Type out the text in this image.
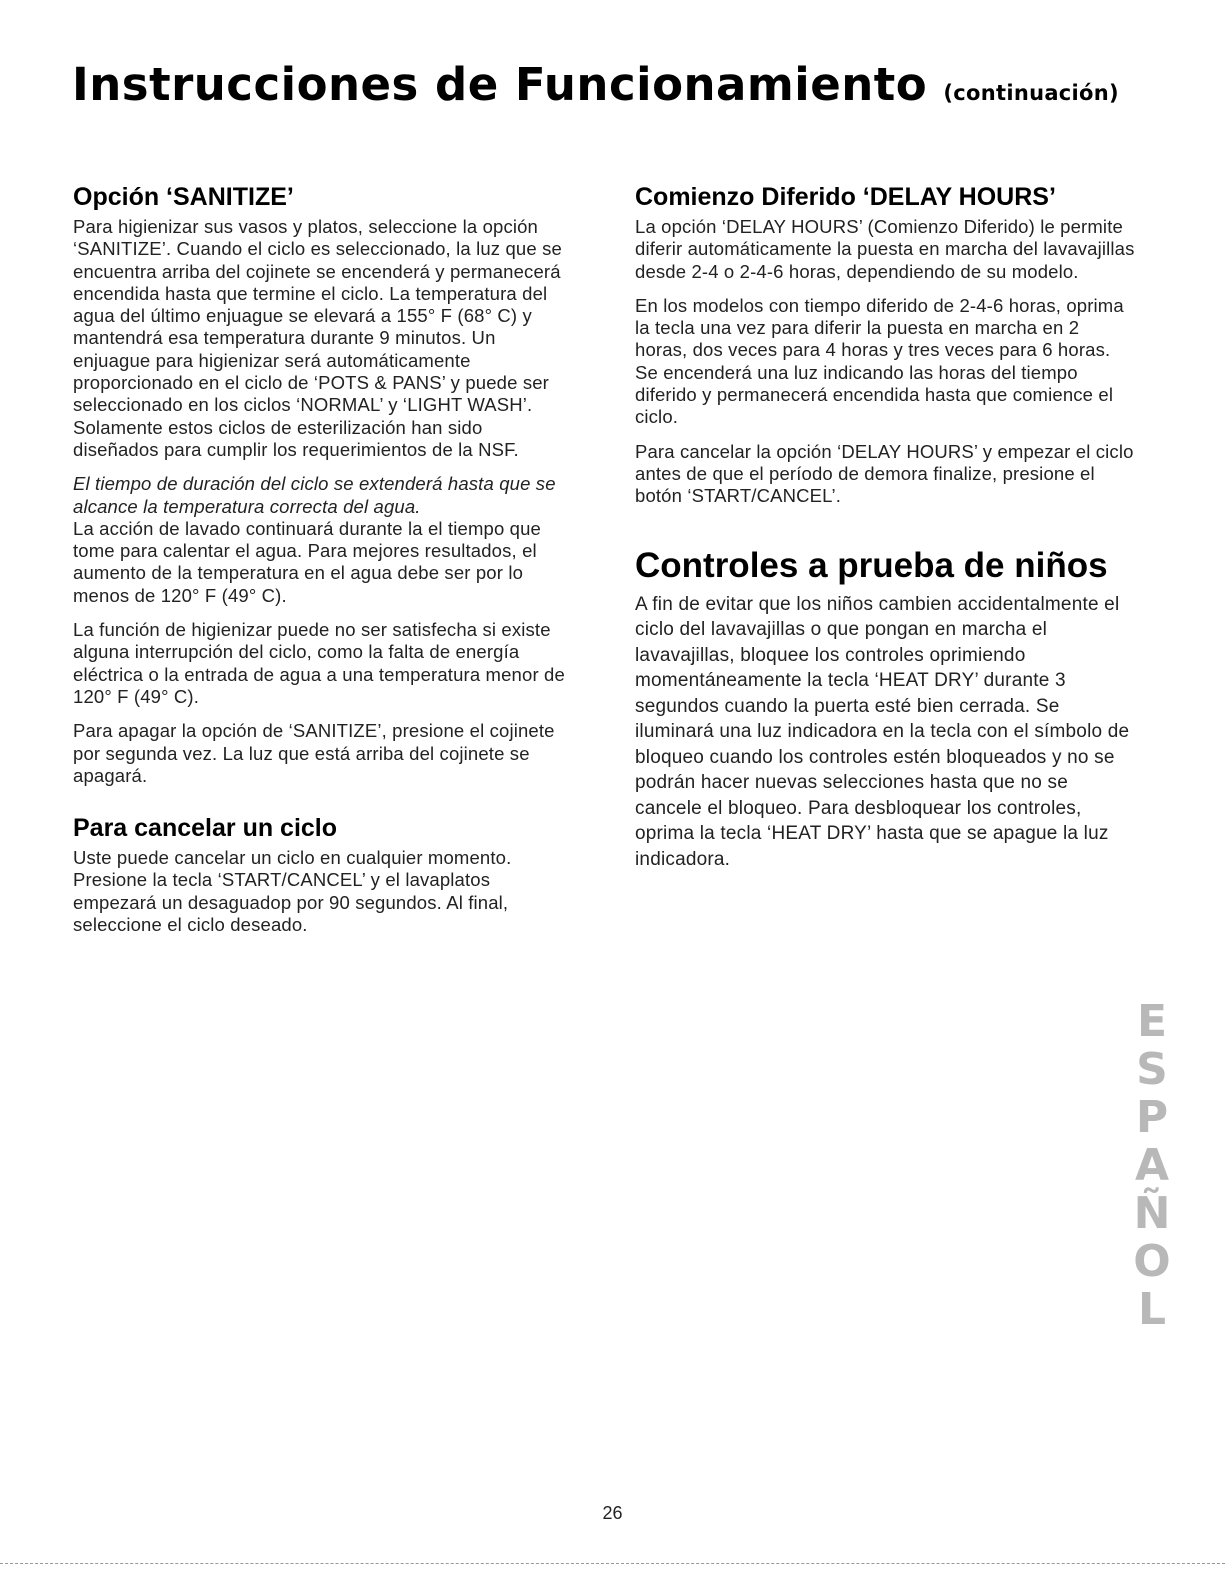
Instrucciones de Funcionamiento (continuación)
Opción ‘SANITIZE’

Para higienizar sus vasos y platos, seleccione la opción ‘SANITIZE’. Cuando el ciclo es seleccionado, la luz que se encuentra arriba del cojinete se encenderá y permanecerá encendida hasta que termine el ciclo. La temperatura del agua del último enjuague se elevará a 155° F (68° C) y mantendrá esa temperatura durante 9 minutos. Un enjuague para higienizar será automáticamente proporcionado en el ciclo de ‘POTS & PANS’ y puede ser seleccionado en los ciclos ‘NORMAL’ y ‘LIGHT WASH’. Solamente estos ciclos de esterilización han sido diseñados para cumplir los requerimientos de la NSF.

El tiempo de duración del ciclo se extenderá hasta que se alcance la temperatura correcta del agua.

La acción de lavado continuará durante la el tiempo que tome para calentar el agua. Para mejores resultados, el aumento de la temperatura en el agua debe ser por lo menos de 120° F (49° C).

La función de higienizar puede no ser satisfecha si existe alguna interrupción del ciclo, como la falta de energía eléctrica o la entrada de agua a una temperatura menor de 120° F (49° C).

Para apagar la opción de ‘SANITIZE’, presione el cojinete por segunda vez. La luz que está arriba del cojinete se apagará.

Para cancelar un ciclo

Uste puede cancelar un ciclo en cualquier momento. Presione la tecla ‘START/CANCEL’ y el lavaplatos empezará un desaguadop por 90 segundos. Al final, seleccione el ciclo deseado.

Comienzo Diferido ‘DELAY HOURS’

La opción ‘DELAY HOURS’ (Comienzo Diferido) le permite diferir automáticamente la puesta en marcha del lavavajillas desde 2-4 o 2-4-6 horas, dependiendo de su modelo.

En los modelos con tiempo diferido de 2-4-6 horas, oprima la tecla una vez para diferir la puesta en marcha en 2 horas, dos veces para 4 horas y tres veces para 6 horas. Se encenderá una luz indicando las horas del tiempo diferido y permanecerá encendida hasta que comience el ciclo.

Para cancelar la opción ‘DELAY HOURS’ y empezar el ciclo antes de que el período de demora finalize, presione el botón ‘START/CANCEL’.

Controles a prueba de niños

A fin de evitar que los niños cambien accidentalmente el ciclo del lavavajillas o que pongan en marcha el lavavajillas, bloquee los controles oprimiendo momentáneamente la tecla ‘HEAT DRY’ durante 3 segundos cuando la puerta esté bien cerrada. Se iluminará una luz indicadora en la tecla con el símbolo de bloqueo cuando los controles estén bloqueados y no se podrán hacer nuevas selecciones hasta que no se cancele el bloqueo. Para desbloquear los controles, oprima la tecla ‘HEAT DRY’ hasta que se apague la luz indicadora.

E
S
P
A
Ñ
O
L
26
